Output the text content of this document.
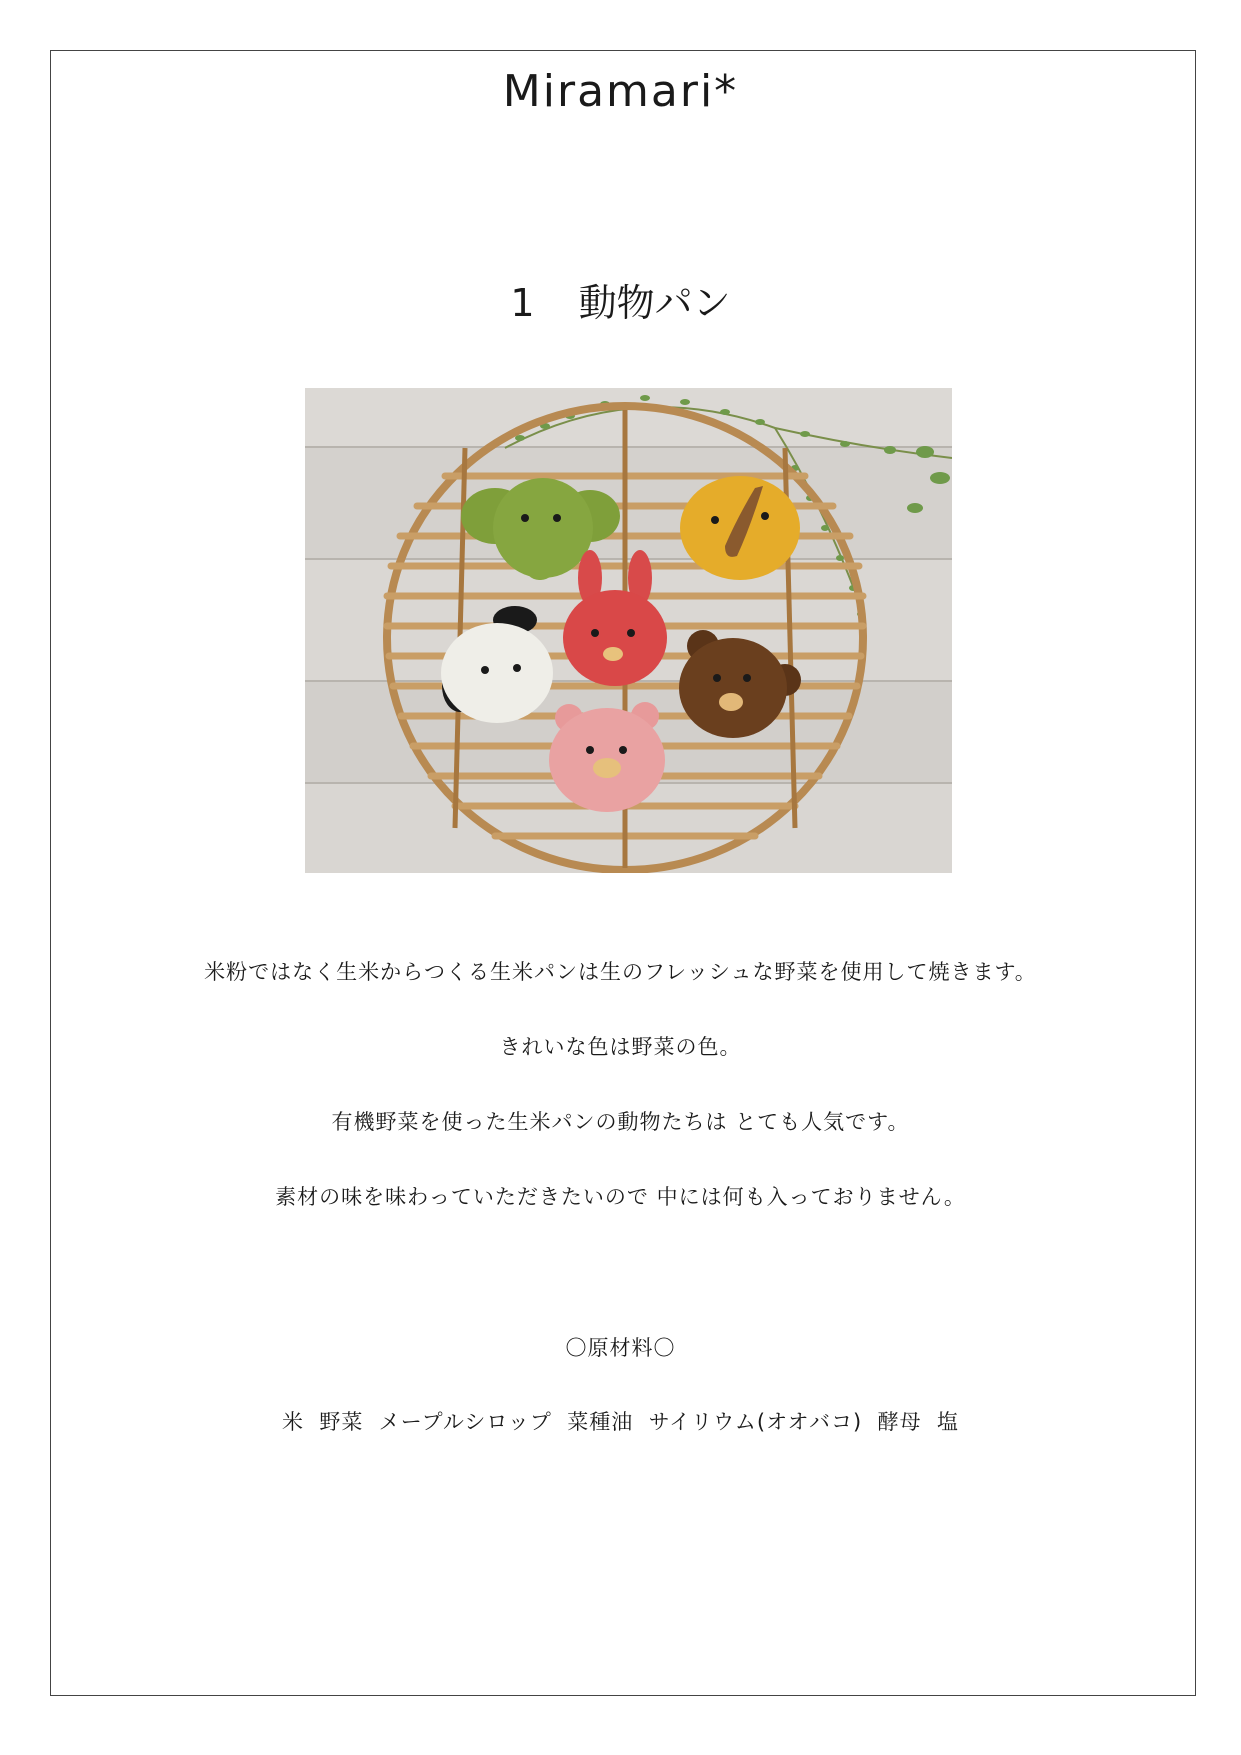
Miramari*
1 動物パン
米粉ではなく生米からつくる生米パンは生のフレッシュな野菜を使用して焼きます。
きれいな色は野菜の色。
有機野菜を使った生米パンの動物たちは とても人気です。
素材の味を味わっていただきたいので 中には何も入っておりません。
〇原材料〇
米  野菜  メープルシロップ  菜種油  サイリウム(オオバコ)  酵母  塩
